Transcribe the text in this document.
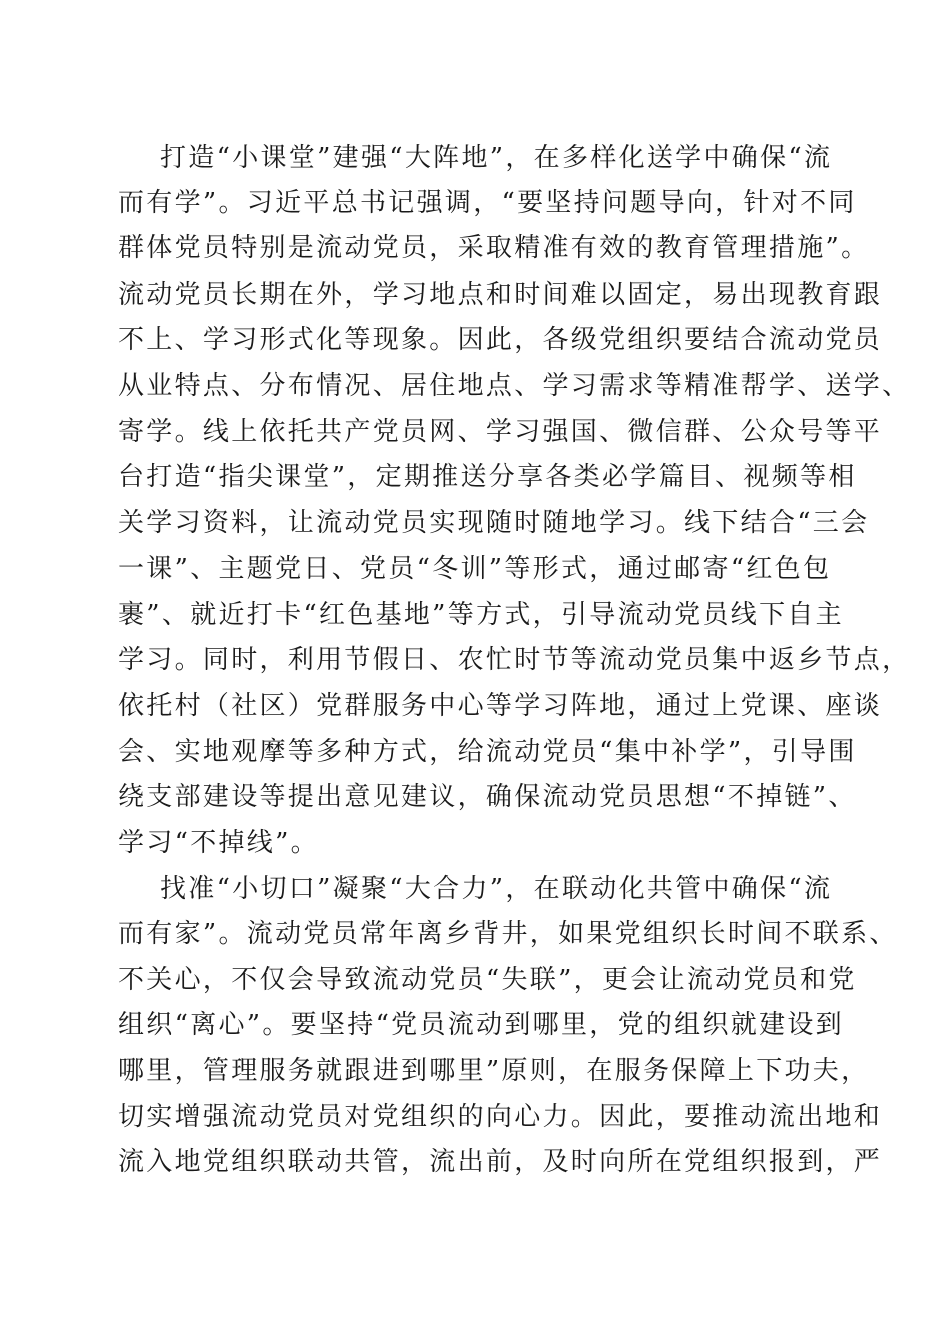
打造“小课堂”建强“大阵地”，在多样化送学中确保“流
而有学”。习近平总书记强调，“要坚持问题导向，针对不同
群体党员特别是流动党员，采取精准有效的教育管理措施”。
流动党员长期在外，学习地点和时间难以固定，易出现教育跟
不上、学习形式化等现象。因此，各级党组织要结合流动党员
从业特点、分布情况、居住地点、学习需求等精准帮学、送学、
寄学。线上依托共产党员网、学习强国、微信群、公众号等平
台打造“指尖课堂”，定期推送分享各类必学篇目、视频等相
关学习资料，让流动党员实现随时随地学习。线下结合“三会
一课”、主题党日、党员“冬训”等形式，通过邮寄“红色包
裹”、就近打卡“红色基地”等方式，引导流动党员线下自主
学习。同时，利用节假日、农忙时节等流动党员集中返乡节点，
依托村（社区）党群服务中心等学习阵地，通过上党课、座谈
会、实地观摩等多种方式，给流动党员“集中补学”，引导围
绕支部建设等提出意见建议，确保流动党员思想“不掉链”、
学习“不掉线”。
找准“小切口”凝聚“大合力”，在联动化共管中确保“流
而有家”。流动党员常年离乡背井，如果党组织长时间不联系、
不关心，不仅会导致流动党员“失联”，更会让流动党员和党
组织“离心”。要坚持“党员流动到哪里，党的组织就建设到
哪里，管理服务就跟进到哪里”原则，在服务保障上下功夫，
切实增强流动党员对党组织的向心力。因此，要推动流出地和
流入地党组织联动共管，流出前，及时向所在党组织报到，严
